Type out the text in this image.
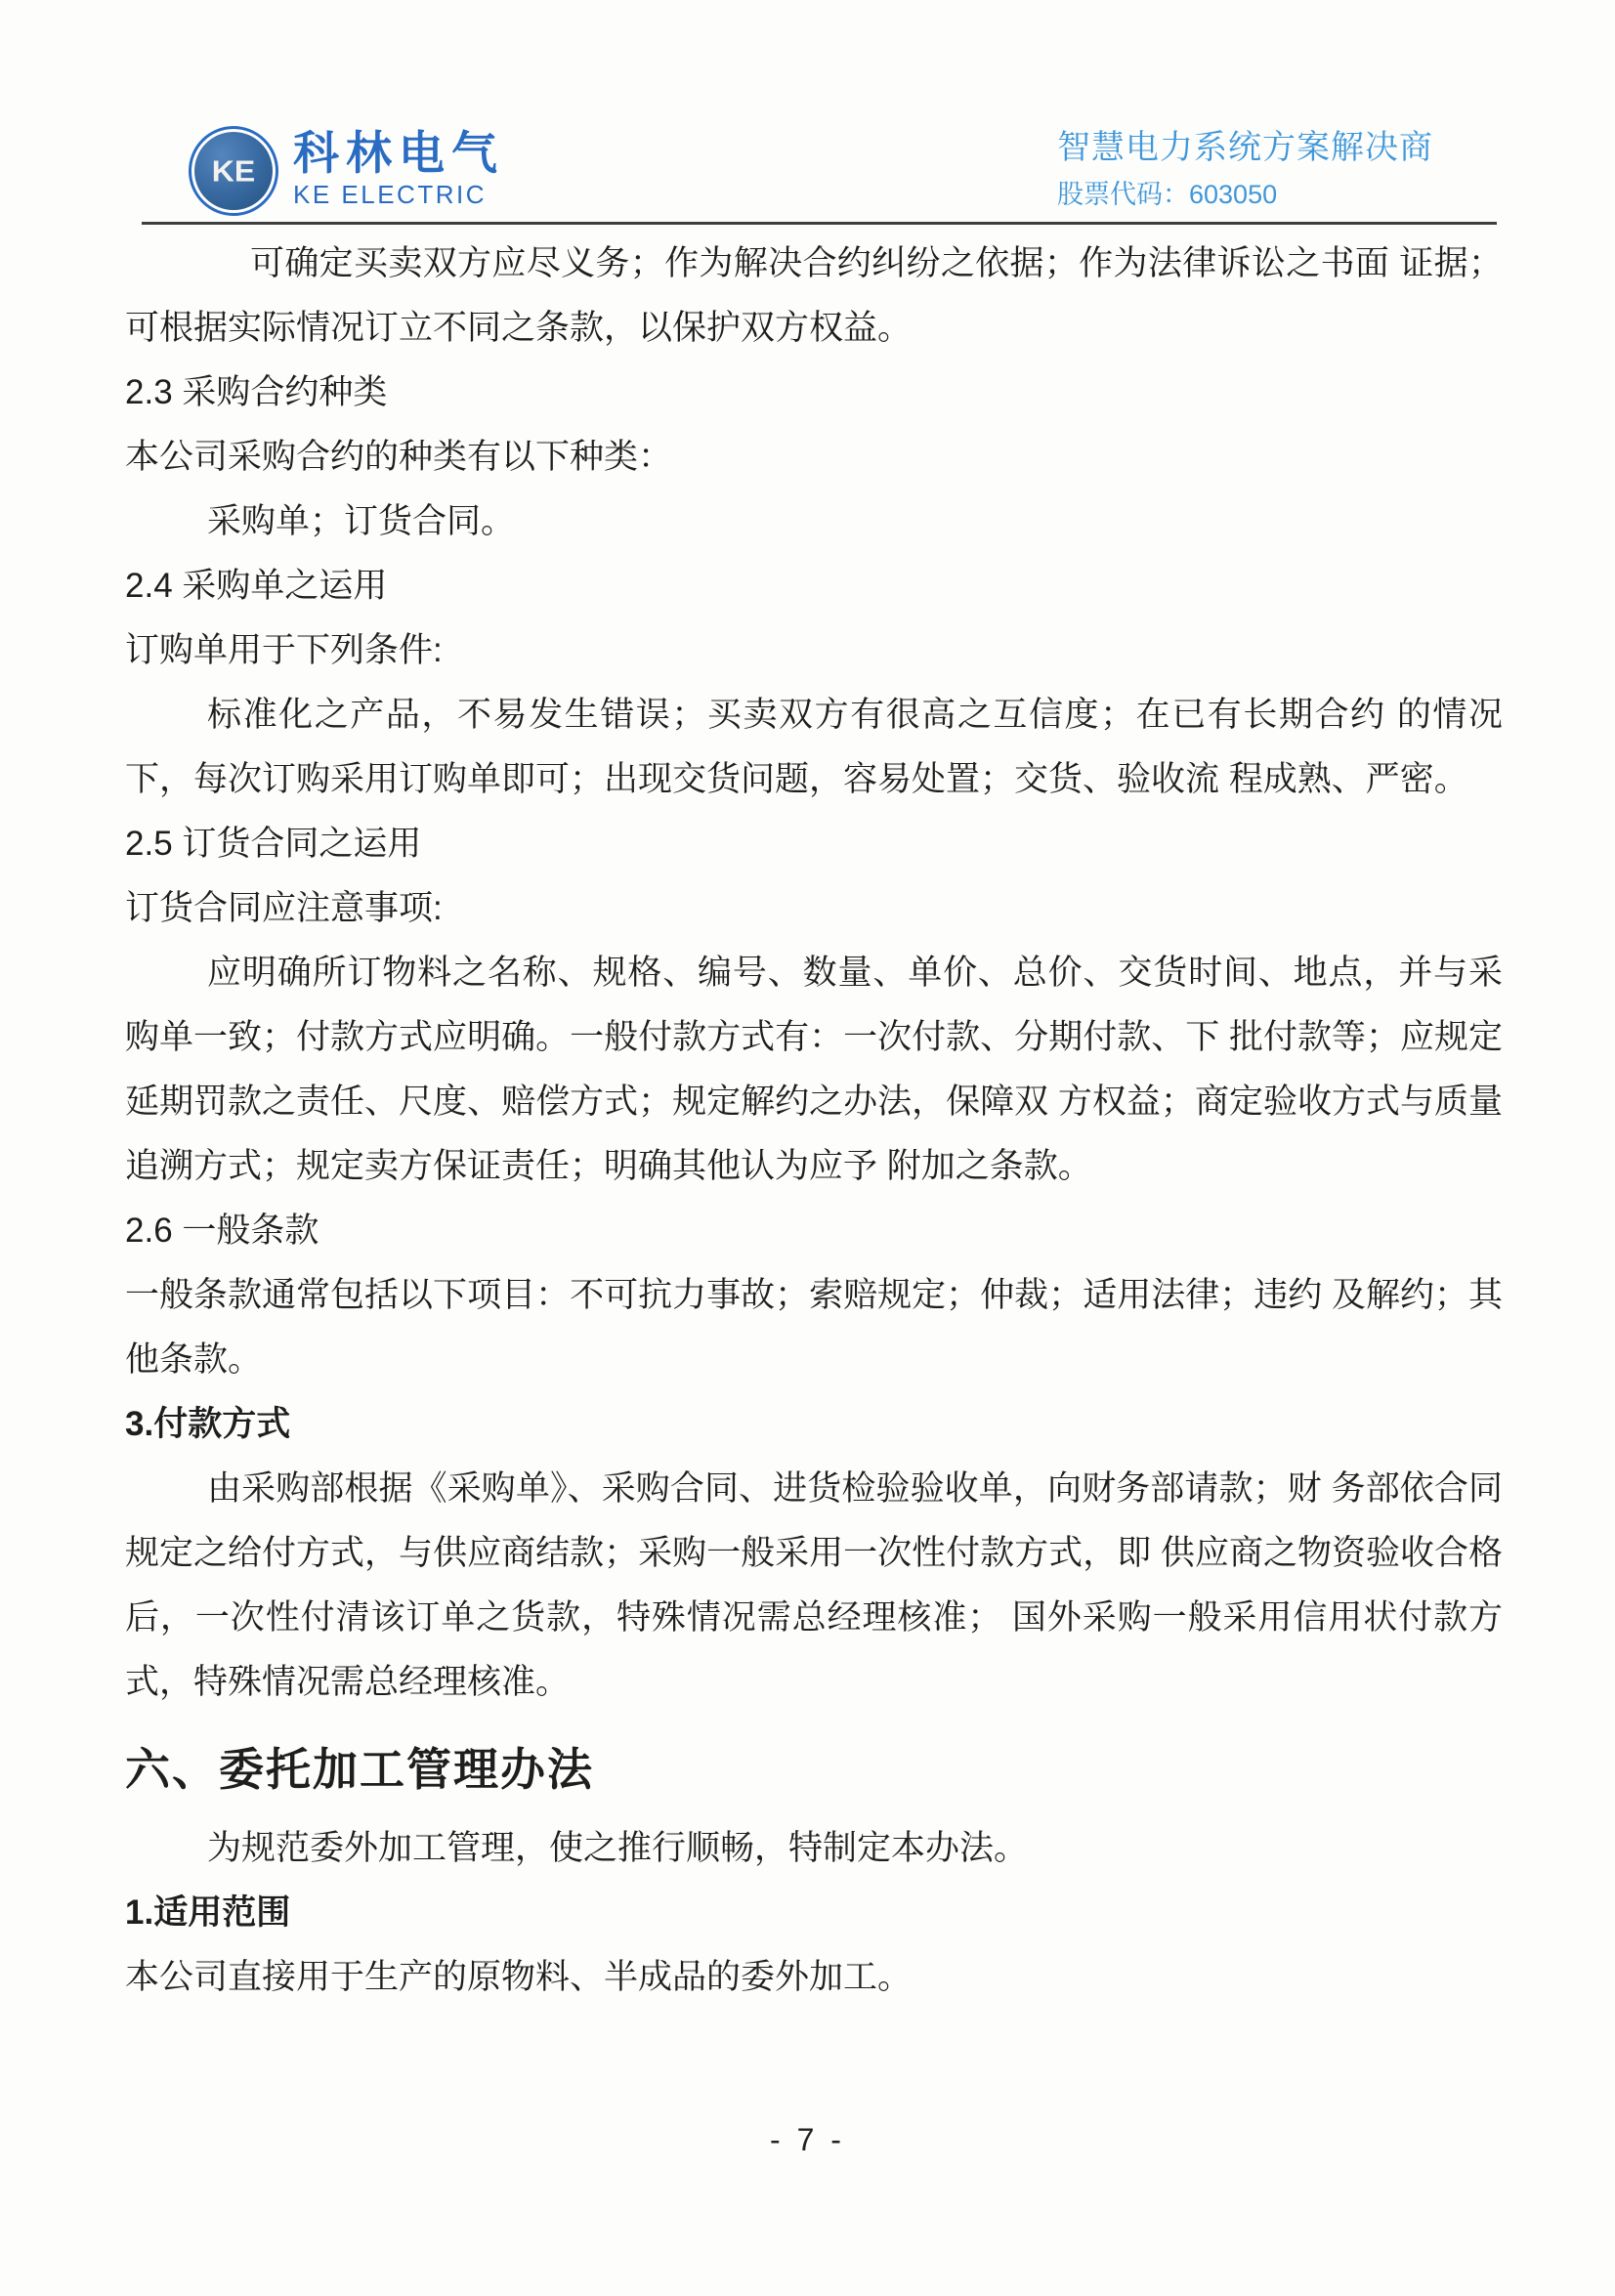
KE 科林电气
KE ELECTRIC
智慧电力系统方案解决商
股票代码：603050

可确定买卖双方应尽义务；作为解决合约纠纷之依据；作为法律诉讼之书面 证据；可根据实际情况订立不同之条款，以保护双方权益。

2.3 采购合约种类

本公司采购合约的种类有以下种类：

采购单；订货合同。

2.4 采购单之运用

订购单用于下列条件:

标准化之产品，不易发生错误；买卖双方有很高之互信度；在已有长期合约 的情况下，每次订购采用订购单即可；出现交货问题，容易处置；交货、验收流 程成熟、严密。

2.5 订货合同之运用

订货合同应注意事项:

应明确所订物料之名称、规格、编号、数量、单价、总价、交货时间、地点，并与采购单一致；付款方式应明确。一般付款方式有：一次付款、分期付款、下 批付款等；应规定延期罚款之责任、尺度、赔偿方式；规定解约之办法，保障双 方权益；商定验收方式与质量追溯方式；规定卖方保证责任；明确其他认为应予 附加之条款。

2.6 一般条款

一般条款通常包括以下项目：不可抗力事故；索赔规定；仲裁；适用法律；违约 及解约；其他条款。

3.付款方式

由采购部根据《采购单》、采购合同、进货检验验收单，向财务部请款；财 务部依合同规定之给付方式，与供应商结款；采购一般采用一次性付款方式，即 供应商之物资验收合格后，一次性付清该订单之货款，特殊情况需总经理核准； 国外采购一般采用信用状付款方式，特殊情况需总经理核准。

六、委托加工管理办法

为规范委外加工管理，使之推行顺畅，特制定本办法。

1.适用范围

本公司直接用于生产的原物料、半成品的委外加工。

- 7 -
